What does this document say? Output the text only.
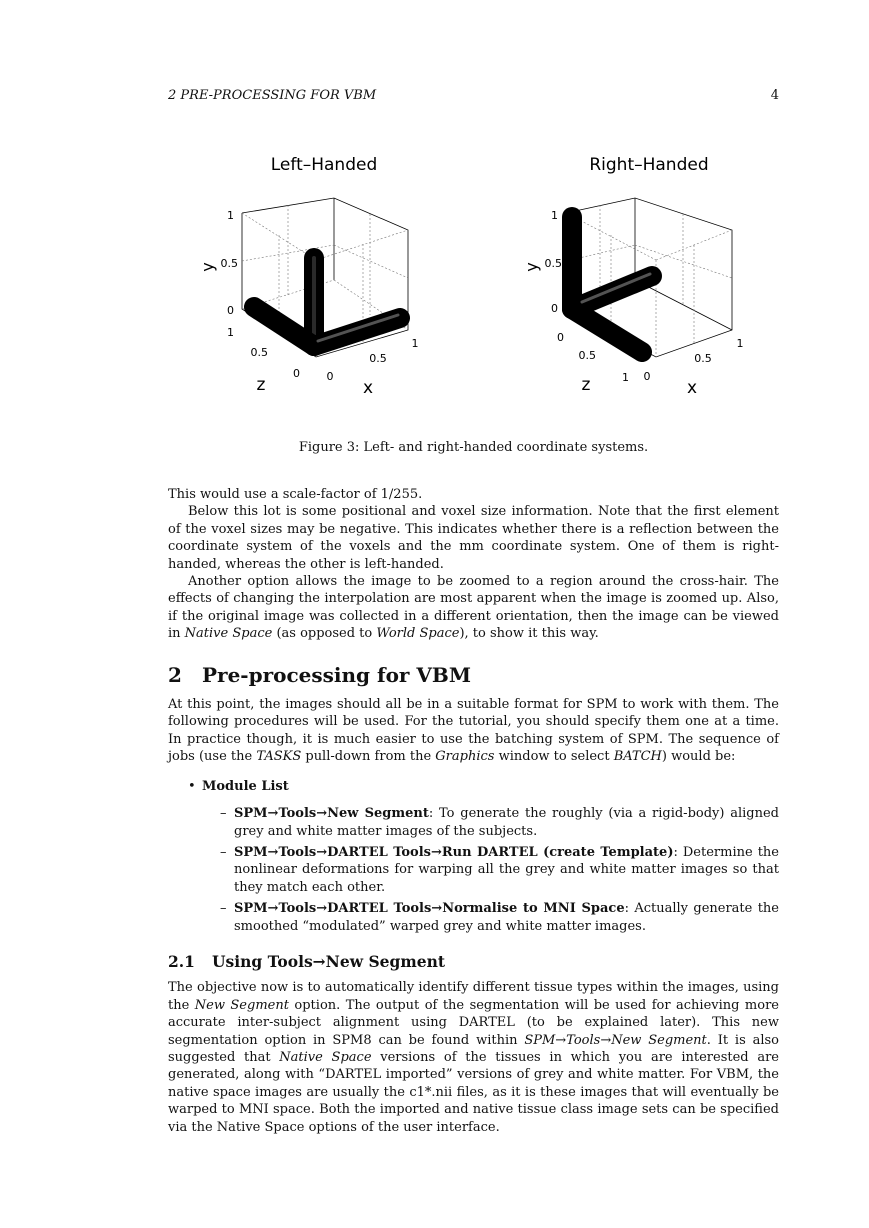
2 PRE-PROCESSING FOR VBM	4
Left–Handed
1
0.5
0
1
0.5
0 0
0.5
1
y
z	x
Right–Handed
1
0.5
0
0
0.5
1 0
0.5
1
y
z	x
Figure 3: Left- and right-handed coordinate systems.

This would use a scale-factor of 1/255.

Below this lot is some positional and voxel size information. Note that the first element of the voxel sizes may be negative. This indicates whether there is a reflection between the coordinate system of the voxels and the mm coordinate system. One of them is right-handed, whereas the other is left-handed.

Another option allows the image to be zoomed to a region around the cross-hair. The effects of changing the interpolation are most apparent when the image is zoomed up. Also, if the original image was collected in a different orientation, then the image can be viewed in Native Space (as opposed to World Space), to show it this way.

2 Pre-processing for VBM

At this point, the images should all be in a suitable format for SPM to work with them. The following procedures will be used. For the tutorial, you should specify them one at a time. In practice though, it is much easier to use the batching system of SPM. The sequence of jobs (use the TASKS pull-down from the Graphics window to select BATCH) would be:

• Module List
– SPM→Tools→New Segment: To generate the roughly (via a rigid-body) aligned grey and white matter images of the subjects.
– SPM→Tools→DARTEL Tools→Run DARTEL (create Template): Determine the nonlinear deformations for warping all the grey and white matter images so that they match each other.
– SPM→Tools→DARTEL Tools→Normalise to MNI Space: Actually generate the smoothed “modulated” warped grey and white matter images.
2.1 Using Tools→New Segment

The objective now is to automatically identify different tissue types within the images, using the New Segment option. The output of the segmentation will be used for achieving more accurate inter-subject alignment using DARTEL (to be explained later). This new segmentation option in SPM8 can be found within SPM→Tools→New Segment. It is also suggested that Native Space versions of the tissues in which you are interested are generated, along with “DARTEL imported” versions of grey and white matter. For VBM, the native space images are usually the c1*.nii files, as it is these images that will eventually be warped to MNI space. Both the imported and native tissue class image sets can be specified via the Native Space options of the user interface.
